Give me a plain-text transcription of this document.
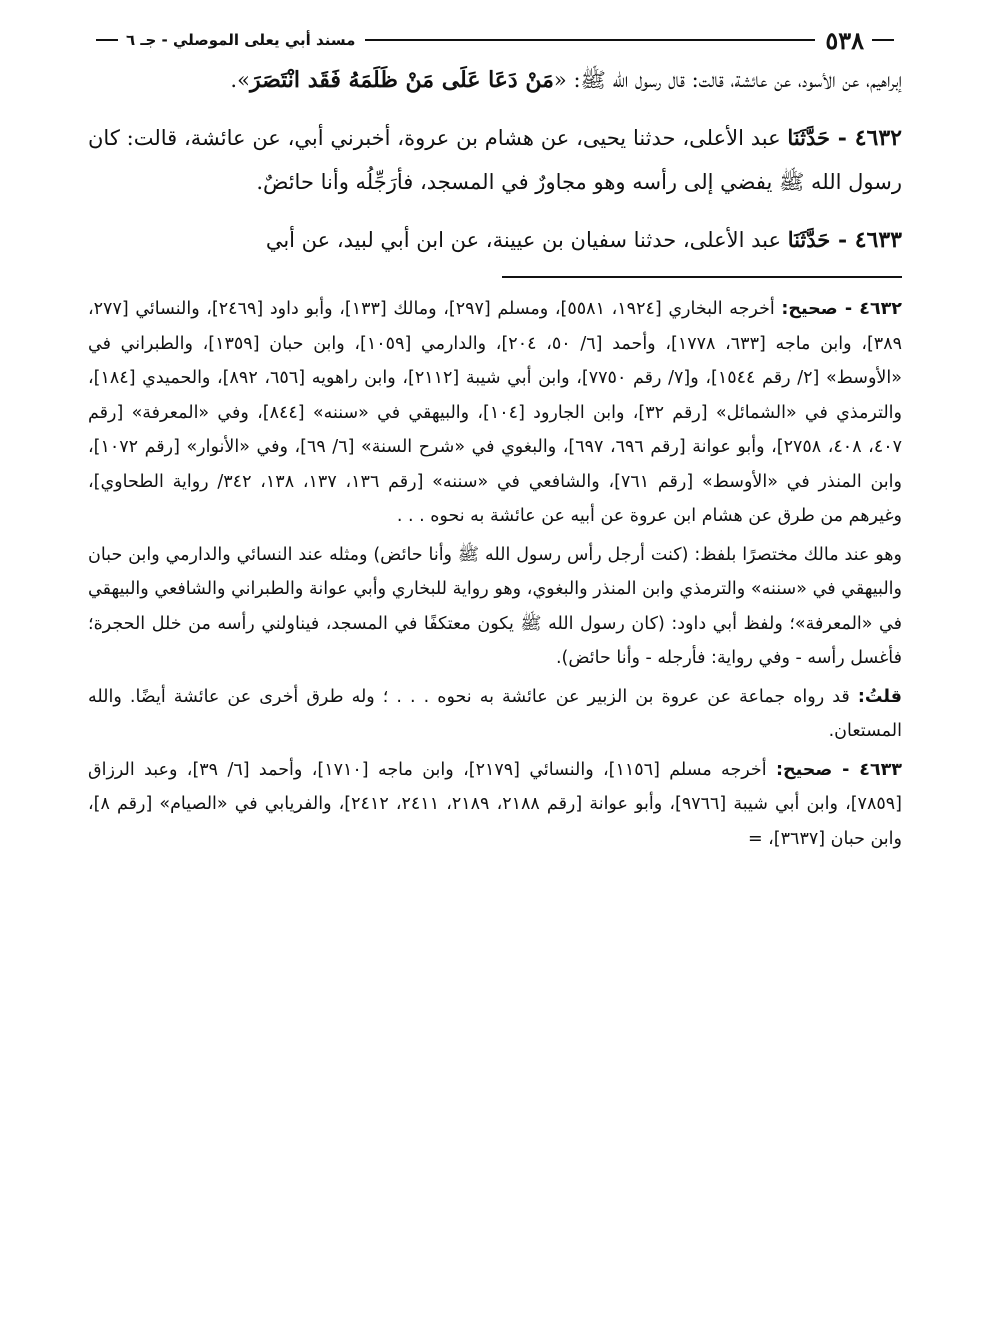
٥٣٨
مسند أبي يعلى الموصلي - جـ ٦

إبراهيم، عن الأسود، عن عائشة، قالت: قال رسول الله ﷺ: «مَنْ دَعَا عَلَى مَنْ ظَلَمَهُ فَقَد انْتَصَرَ».

٤٦٣٢ - حَدَّثَنَا عبد الأعلى، حدثنا يحيى، عن هشام بن عروة، أخبرني أبي، عن عائشة، قالت: كان رسول الله ﷺ يفضي إلى رأسه وهو مجاورٌ في المسجد، فأرَجِّلُه وأنا حائضٌ.

٤٦٣٣ - حَدَّثَنَا عبد الأعلى، حدثنا سفيان بن عيينة، عن ابن أبي لبيد، عن أبي

٤٦٣٢ - صحيح: أخرجه البخاري [١٩٢٤، ٥٥٨١]، ومسلم [٢٩٧]، ومالك [١٣٣]، وأبو داود [٢٤٦٩]، والنسائي [٢٧٧، ٣٨٩]، وابن ماجه [٦٣٣، ١٧٧٨]، وأحمد [٦/ ٥٠، ٢٠٤]، والدارمي [١٠٥٩]، وابن حبان [١٣٥٩]، والطبراني في «الأوسط» [٢/ رقم ١٥٤٤]، و[٧/ رقم ٧٧٥٠]، وابن أبي شيبة [٢١١٢]، وابن راهويه [٦٥٦، ٨٩٢]، والحميدي [١٨٤]، والترمذي في «الشمائل» [رقم ٣٢]، وابن الجارود [١٠٤]، والبيهقي في «سننه» [٨٤٤]، وفي «المعرفة» [رقم ٤٠٧، ٤٠٨، ٢٧٥٨]، وأبو عوانة [رقم ٦٩٦، ٦٩٧]، والبغوي في «شرح السنة» [٦/ ٦٩]، وفي «الأنوار» [رقم ١٠٧٢]، وابن المنذر في «الأوسط» [رقم ٧٦١]، والشافعي في «سننه» [رقم ١٣٦، ١٣٧، ١٣٨، ٣٤٢/ رواية الطحاوي]، وغيرهم من طرق عن هشام ابن عروة عن أبيه عن عائشة به نحوه . . .

وهو عند مالك مختصرًا بلفظ: (كنت أرجل رأس رسول الله ﷺ وأنا حائض) ومثله عند النسائي والدارمي وابن حبان والبيهقي في «سننه» والترمذي وابن المنذر والبغوي، وهو رواية للبخاري وأبي عوانة والطبراني والشافعي والبيهقي في «المعرفة»؛ ولفظ أبي داود: (كان رسول الله ﷺ يكون معتكفًا في المسجد، فيناولني رأسه من خلل الحجرة؛ فأغسل رأسه - وفي رواية: فأرجله - وأنا حائض).

قلتُ: قد رواه جماعة عن عروة بن الزبير عن عائشة به نحوه . . . ؛ وله طرق أخرى عن عائشة أيضًا. والله المستعان.

٤٦٣٣ - صحيح: أخرجه مسلم [١١٥٦]، والنسائي [٢١٧٩]، وابن ماجه [١٧١٠]، وأحمد [٦/ ٣٩]، وعبد الرزاق [٧٨٥٩]، وابن أبي شيبة [٩٧٦٦]، وأبو عوانة [رقم ٢١٨٨، ٢١٨٩، ٢٤١١، ٢٤١٢]، والفريابي في «الصيام» [رقم ٨]، وابن حبان [٣٦٣٧]، =
